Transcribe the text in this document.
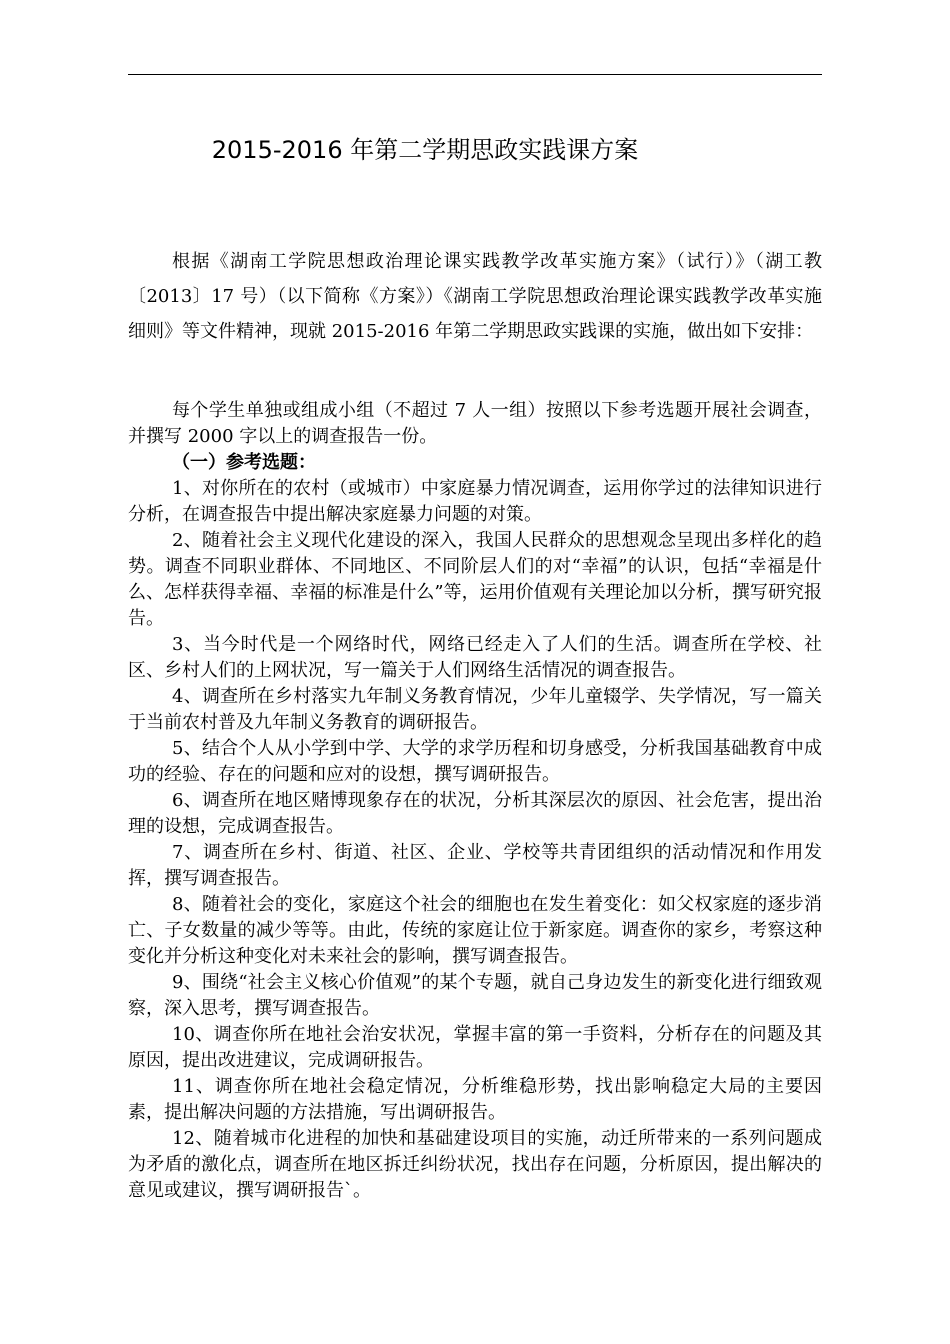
2015-2016 年第二学期思政实践课方案

根据《湖南工学院思想政治理论课实践教学改革实施方案》（试行）》（湖工教〔2013〕17 号）（以下简称《方案》）《湖南工学院思想政治理论课实践教学改革实施细则》等文件精神，现就 2015-2016 年第二学期思政实践课的实施，做出如下安排：

每个学生单独或组成小组（不超过 7 人一组）按照以下参考选题开展社会调查，并撰写 2000 字以上的调查报告一份。

（一）参考选题：

1、对你所在的农村（或城市）中家庭暴力情况调查，运用你学过的法律知识进行分析，在调查报告中提出解决家庭暴力问题的对策。

2、随着社会主义现代化建设的深入，我国人民群众的思想观念呈现出多样化的趋势。调查不同职业群体、不同地区、不同阶层人们的对“幸福”的认识，包括“幸福是什么、怎样获得幸福、幸福的标准是什么”等，运用价值观有关理论加以分析，撰写研究报告。

3、当今时代是一个网络时代，网络已经走入了人们的生活。调查所在学校、社区、乡村人们的上网状况，写一篇关于人们网络生活情况的调查报告。

4、调查所在乡村落实九年制义务教育情况，少年儿童辍学、失学情况，写一篇关于当前农村普及九年制义务教育的调研报告。

5、结合个人从小学到中学、大学的求学历程和切身感受，分析我国基础教育中成功的经验、存在的问题和应对的设想，撰写调研报告。

6、调查所在地区赌博现象存在的状况，分析其深层次的原因、社会危害，提出治理的设想，完成调查报告。

7、调查所在乡村、街道、社区、企业、学校等共青团组织的活动情况和作用发挥，撰写调查报告。

8、随着社会的变化，家庭这个社会的细胞也在发生着变化：如父权家庭的逐步消亡、子女数量的减少等等。由此，传统的家庭让位于新家庭。调查你的家乡，考察这种变化并分析这种变化对未来社会的影响，撰写调查报告。

9、围绕“社会主义核心价值观”的某个专题，就自己身边发生的新变化进行细致观察，深入思考，撰写调查报告。

10、调查你所在地社会治安状况，掌握丰富的第一手资料，分析存在的问题及其原因，提出改进建议，完成调研报告。

11、调查你所在地社会稳定情况，分析维稳形势，找出影响稳定大局的主要因素，提出解决问题的方法措施，写出调研报告。

12、随着城市化进程的加快和基础建设项目的实施，动迁所带来的一系列问题成为矛盾的激化点，调查所在地区拆迁纠纷状况，找出存在问题，分析原因，提出解决的意见或建议，撰写调研报告`。
